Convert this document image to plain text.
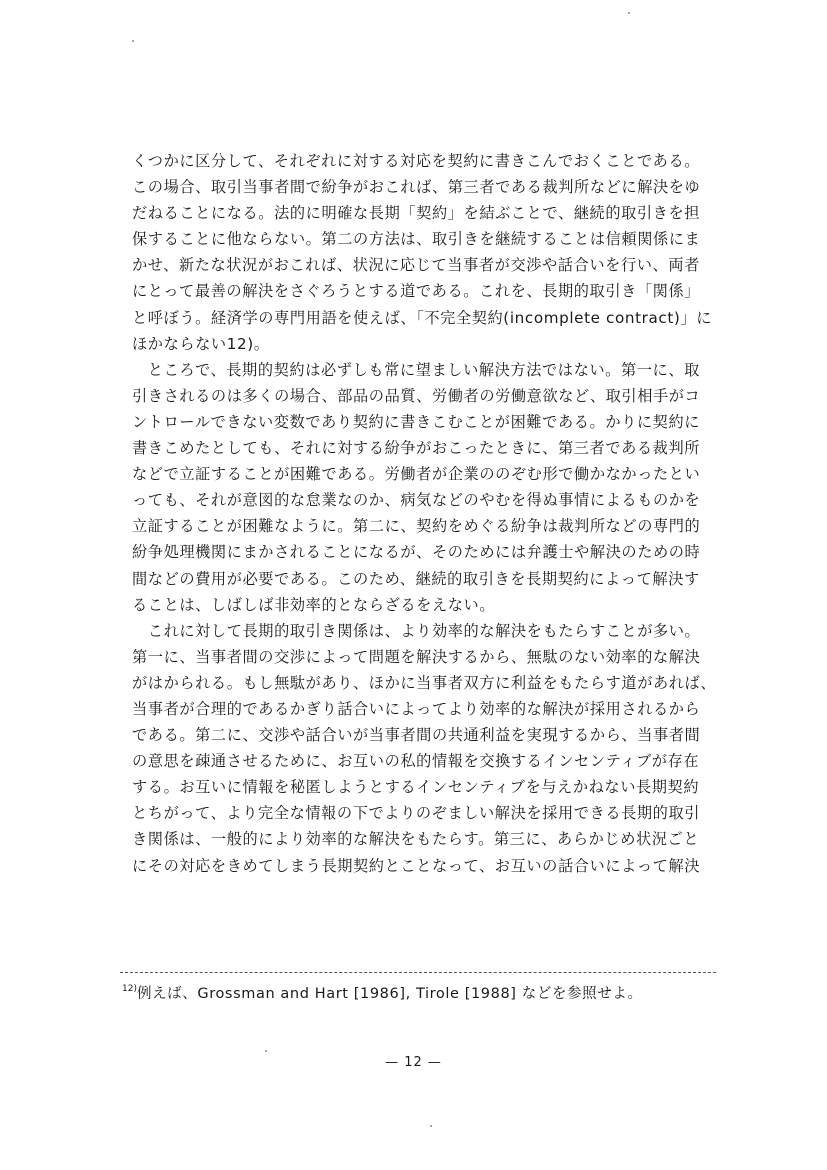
くつかに区分して、それぞれに対する対応を契約に書きこんでおくことである。
この場合、取引当事者間で紛争がおこれば、第三者である裁判所などに解決をゆ
だねることになる。法的に明確な長期「契約」を結ぶことで、継続的取引きを担
保することに他ならない。第二の方法は、取引きを継続することは信頼関係にま
かせ、新たな状況がおこれば、状況に応じて当事者が交渉や話合いを行い、両者
にとって最善の解決をさぐろうとする道である。これを、長期的取引き「関係」
と呼ぼう。経済学の専門用語を使えば、「不完全契約(incomplete contract)」に
ほかならない12)。
　ところで、長期的契約は必ずしも常に望ましい解決方法ではない。第一に、取
引きされるのは多くの場合、部品の品質、労働者の労働意欲など、取引相手がコ
ントロールできない変数であり契約に書きこむことが困難である。かりに契約に
書きこめたとしても、それに対する紛争がおこったときに、第三者である裁判所
などで立証することが困難である。労働者が企業ののぞむ形で働かなかったとい
っても、それが意図的な怠業なのか、病気などのやむを得ぬ事情によるものかを
立証することが困難なように。第二に、契約をめぐる紛争は裁判所などの専門的
紛争処理機関にまかされることになるが、そのためには弁護士や解決のための時
間などの費用が必要である。このため、継続的取引きを長期契約によって解決す
ることは、しばしば非効率的とならざるをえない。
　これに対して長期的取引き関係は、より効率的な解決をもたらすことが多い。
第一に、当事者間の交渉によって問題を解決するから、無駄のない効率的な解決
がはかられる。もし無駄があり、ほかに当事者双方に利益をもたらす道があれば、
当事者が合理的であるかぎり話合いによってより効率的な解決が採用されるから
である。第二に、交渉や話合いが当事者間の共通利益を実現するから、当事者間
の意思を疎通させるために、お互いの私的情報を交換するインセンティブが存在
する。お互いに情報を秘匿しようとするインセンティブを与えかねない長期契約
とちがって、より完全な情報の下でよりのぞましい解決を採用できる長期的取引
き関係は、一般的により効率的な解決をもたらす。第三に、あらかじめ状況ごと
にその対応をきめてしまう長期契約とことなって、お互いの話合いによって解決
$^{12)}$例えば、Grossman and Hart [1986], Tirole [1988] などを参照せよ。
— 12 —
